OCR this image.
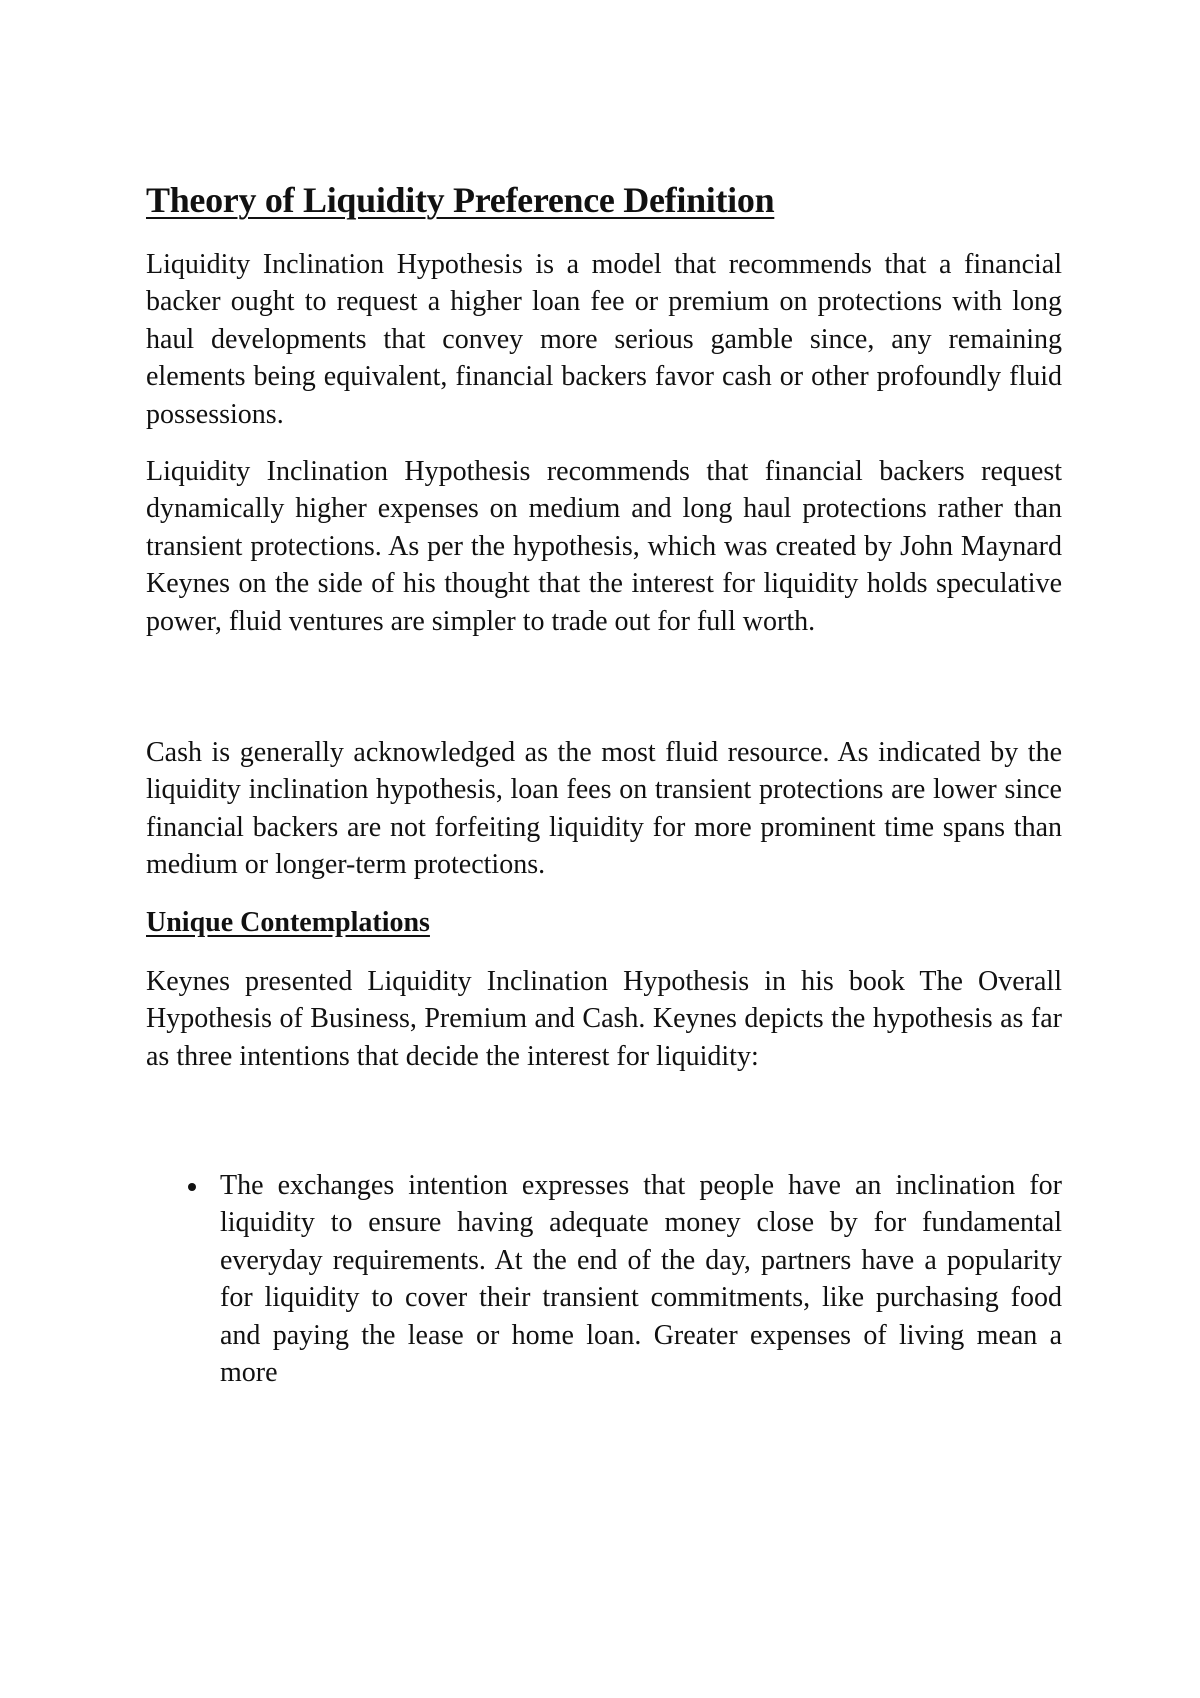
Theory of Liquidity Preference Definition

Liquidity Inclination Hypothesis is a model that recommends that a financial backer ought to request a higher loan fee or premium on protections with long haul developments that convey more serious gamble since, any remaining elements being equivalent, financial backers favor cash or other profoundly fluid possessions.

Liquidity Inclination Hypothesis recommends that financial backers request dynamically higher expenses on medium and long haul protections rather than transient protections. As per the hypothesis, which was created by John Maynard Keynes on the side of his thought that the interest for liquidity holds speculative power, fluid ventures are simpler to trade out for full worth.

Cash is generally acknowledged as the most fluid resource. As indicated by the liquidity inclination hypothesis, loan fees on transient protections are lower since financial backers are not forfeiting liquidity for more prominent time spans than medium or longer-term protections.

Unique Contemplations

Keynes presented Liquidity Inclination Hypothesis in his book The Overall Hypothesis of Business, Premium and Cash. Keynes depicts the hypothesis as far as three intentions that decide the interest for liquidity:

The exchanges intention expresses that people have an inclination for liquidity to ensure having adequate money close by for fundamental everyday requirements. At the end of the day, partners have a popularity for liquidity to cover their transient commitments, like purchasing food and paying the lease or home loan. Greater expenses of living mean a more
